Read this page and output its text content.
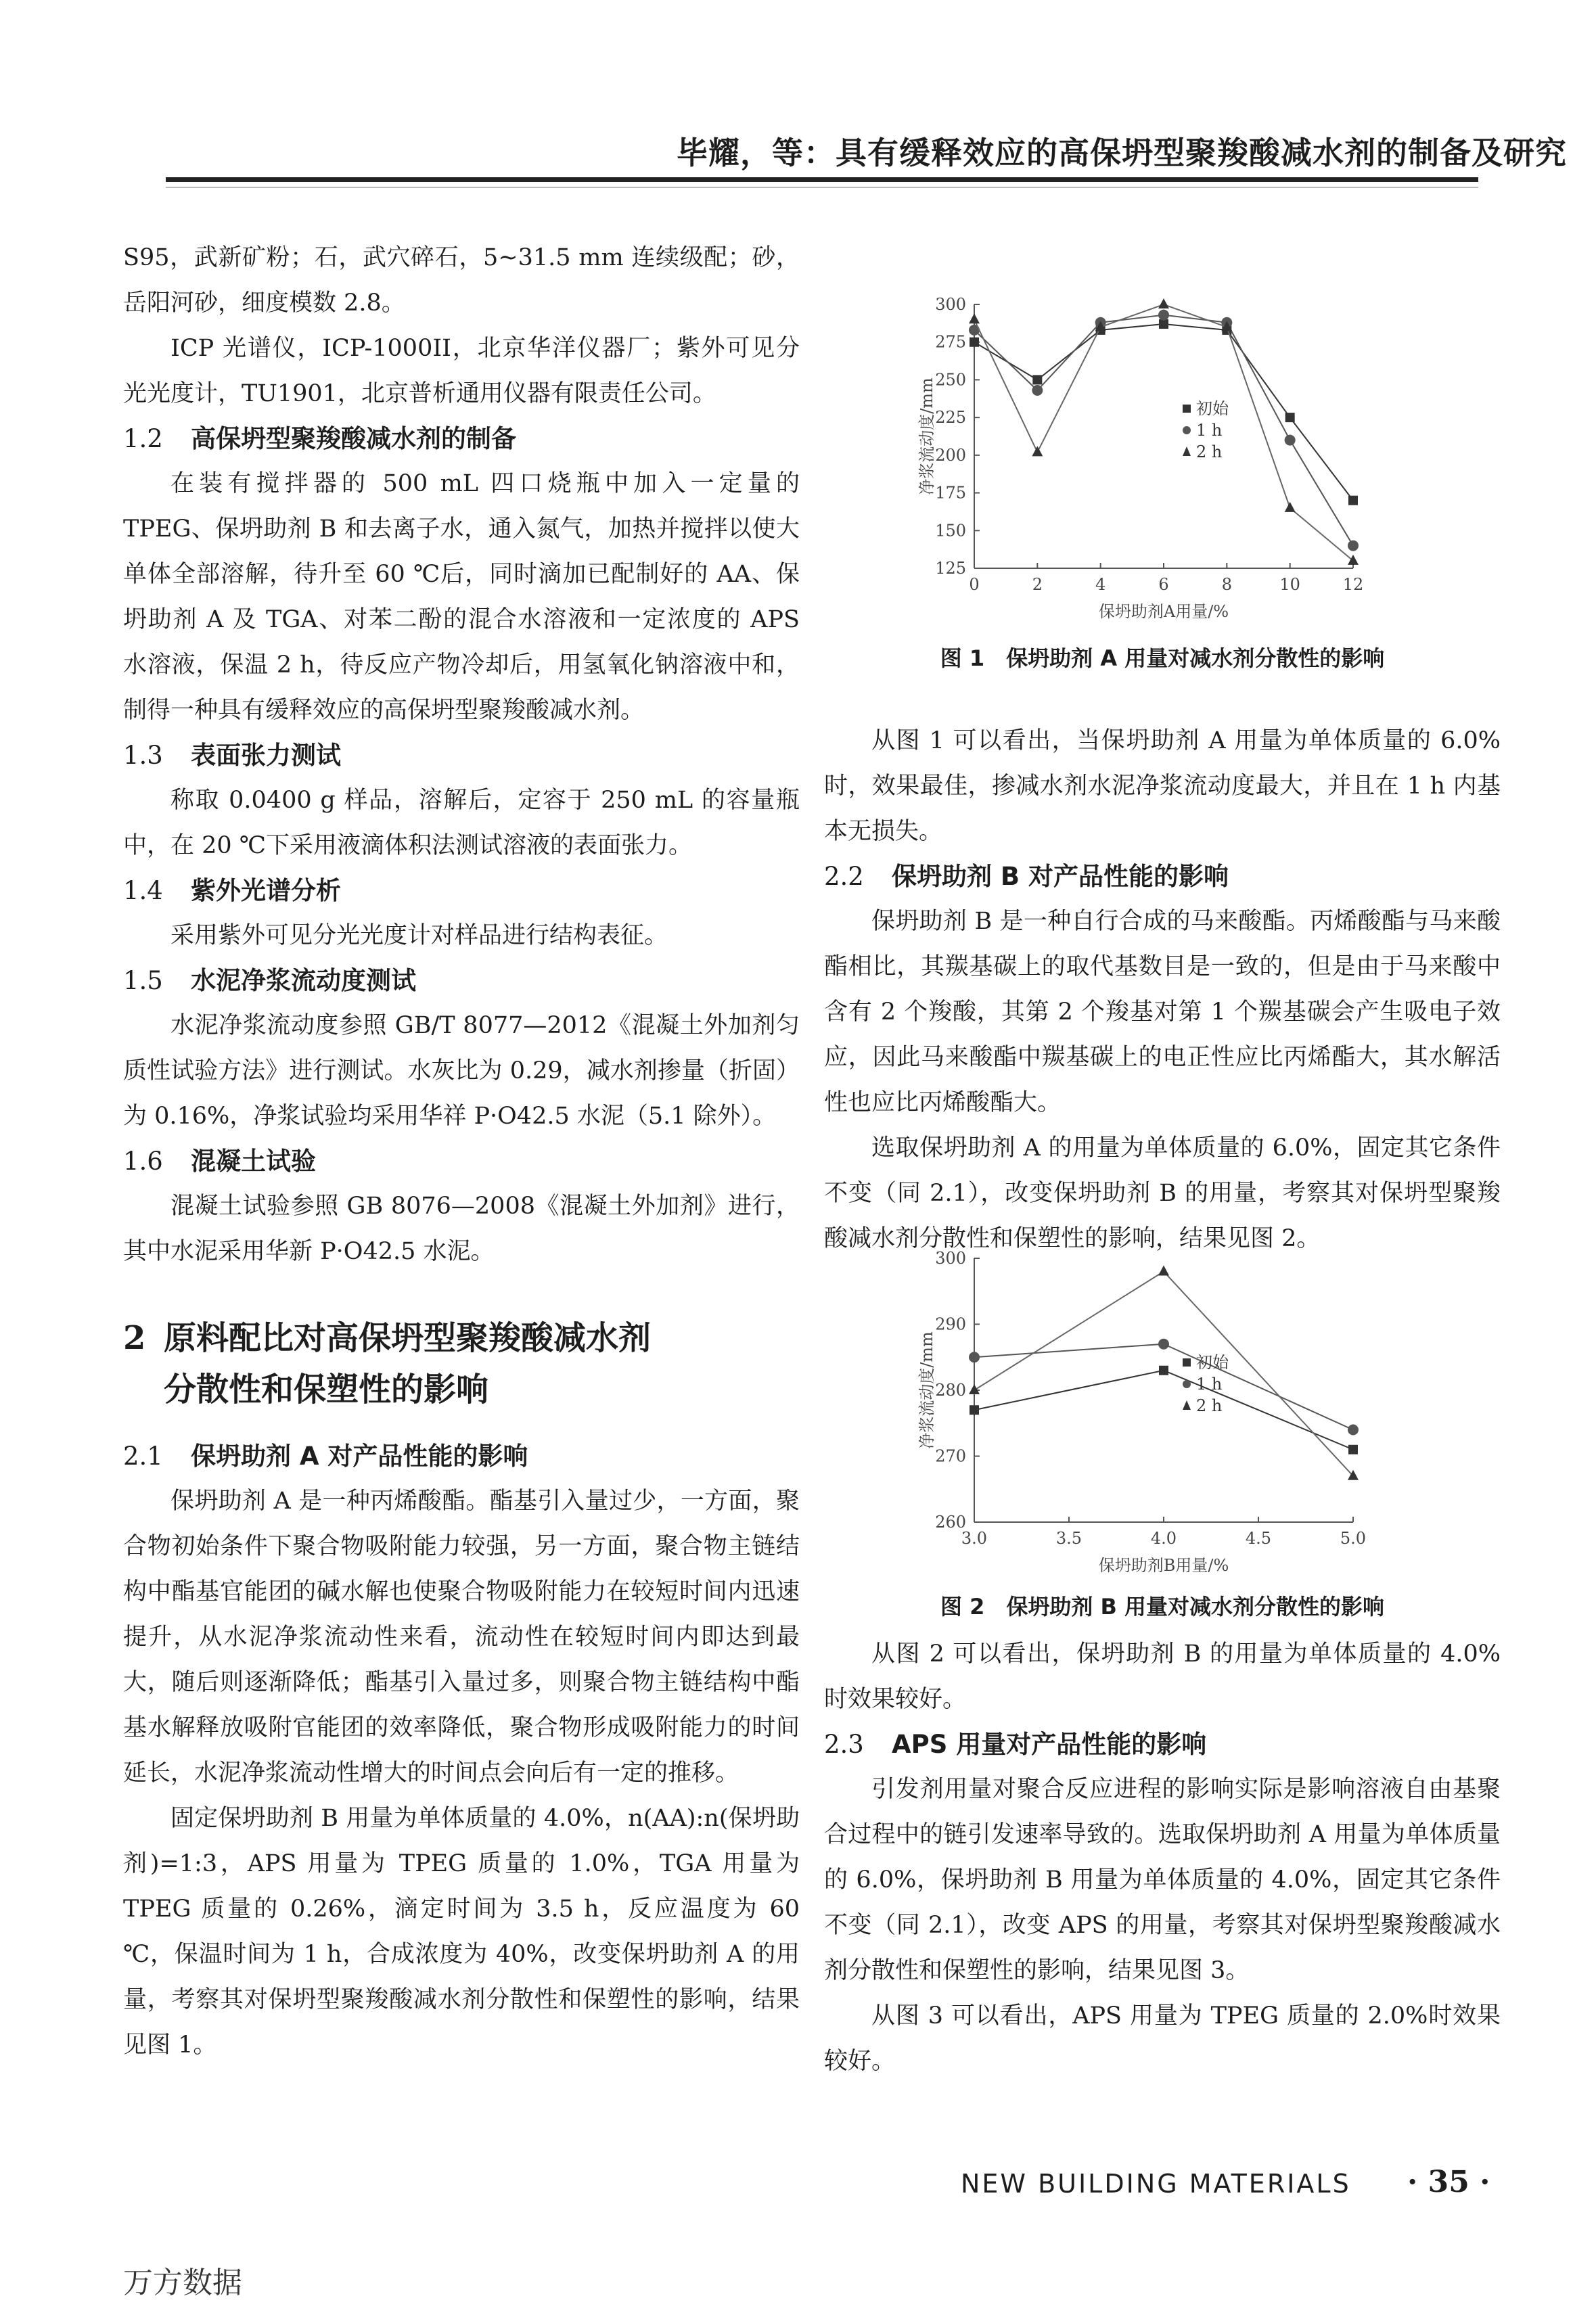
毕耀，等：具有缓释效应的高保坍型聚羧酸减水剂的制备及研究

S95，武新矿粉；石，武穴碎石，5~31.5 mm 连续级配；砂，岳阳河砂，细度模数 2.8。

ICP 光谱仪，ICP-1000II，北京华洋仪器厂；紫外可见分光光度计，TU1901，北京普析通用仪器有限责任公司。

1.2 高保坍型聚羧酸减水剂的制备

在装有搅拌器的 500 mL 四口烧瓶中加入一定量的 TPEG、保坍助剂 B 和去离子水，通入氮气，加热并搅拌以使大单体全部溶解，待升至 60 ℃后，同时滴加已配制好的 AA、保坍助剂 A 及 TGA、对苯二酚的混合水溶液和一定浓度的 APS 水溶液，保温 2 h，待反应产物冷却后，用氢氧化钠溶液中和，制得一种具有缓释效应的高保坍型聚羧酸减水剂。

1.3 表面张力测试

称取 0.0400 g 样品，溶解后，定容于 250 mL 的容量瓶中，在 20 ℃下采用液滴体积法测试溶液的表面张力。

1.4 紫外光谱分析

采用紫外可见分光光度计对样品进行结构表征。

1.5 水泥净浆流动度测试

水泥净浆流动度参照 GB/T 8077—2012《混凝土外加剂匀质性试验方法》进行测试。水灰比为 0.29，减水剂掺量（折固）为 0.16%，净浆试验均采用华祥 P·O42.5 水泥（5.1 除外）。

1.6 混凝土试验

混凝土试验参照 GB 8076—2008《混凝土外加剂》进行，其中水泥采用华新 P·O42.5 水泥。

2 原料配比对高保坍型聚羧酸减水剂
分散性和保塑性的影响

2.1 保坍助剂 A 对产品性能的影响

保坍助剂 A 是一种丙烯酸酯。酯基引入量过少，一方面，聚合物初始条件下聚合物吸附能力较强，另一方面，聚合物主链结构中酯基官能团的碱水解也使聚合物吸附能力在较短时间内迅速提升，从水泥净浆流动性来看，流动性在较短时间内即达到最大，随后则逐渐降低；酯基引入量过多，则聚合物主链结构中酯基水解释放吸附官能团的效率降低，聚合物形成吸附能力的时间延长，水泥净浆流动性增大的时间点会向后有一定的推移。

固定保坍助剂 B 用量为单体质量的 4.0%，n(AA):n(保坍助剂)=1:3，APS 用量为 TPEG 质量的 1.0%，TGA 用量为 TPEG 质量的 0.26%，滴定时间为 3.5 h，反应温度为 60 ℃，保温时间为 1 h，合成浓度为 40%，改变保坍助剂 A 的用量，考察其对保坍型聚羧酸减水剂分散性和保塑性的影响，结果见图 1。

125
150
175
200
225
250
275
300
0	2	4	6	8	10	12
保坍助剂A用量/%
净浆流动度/mm	初始
1 h
2 h

图 1　保坍助剂 A 用量对减水剂分散性的影响

从图 1 可以看出，当保坍助剂 A 用量为单体质量的 6.0% 时，效果最佳，掺减水剂水泥净浆流动度最大，并且在 1 h 内基本无损失。

2.2 保坍助剂 B 对产品性能的影响

保坍助剂 B 是一种自行合成的马来酸酯。丙烯酸酯与马来酸酯相比，其羰基碳上的取代基数目是一致的，但是由于马来酸中含有 2 个羧酸，其第 2 个羧基对第 1 个羰基碳会产生吸电子效应，因此马来酸酯中羰基碳上的电正性应比丙烯酯大，其水解活性也应比丙烯酸酯大。

选取保坍助剂 A 的用量为单体质量的 6.0%，固定其它条件不变（同 2.1），改变保坍助剂 B 的用量，考察其对保坍型聚羧酸减水剂分散性和保塑性的影响，结果见图 2。

260
270
280
290
300
3.0	3.5	4.0	4.5	5.0
保坍助剂B用量/%
净浆流动度/mm	初始
1 h
2 h

图 2　保坍助剂 B 用量对减水剂分散性的影响

从图 2 可以看出，保坍助剂 B 的用量为单体质量的 4.0% 时效果较好。

2.3 APS 用量对产品性能的影响

引发剂用量对聚合反应进程的影响实际是影响溶液自由基聚合过程中的链引发速率导致的。选取保坍助剂 A 用量为单体质量的 6.0%，保坍助剂 B 用量为单体质量的 4.0%，固定其它条件不变（同 2.1），改变 APS 的用量，考察其对保坍型聚羧酸减水剂分散性和保塑性的影响，结果见图 3。

从图 3 可以看出，APS 用量为 TPEG 质量的 2.0%时效果较好。

NEW BUILDING MATERIALS · 35 ·
万方数据
